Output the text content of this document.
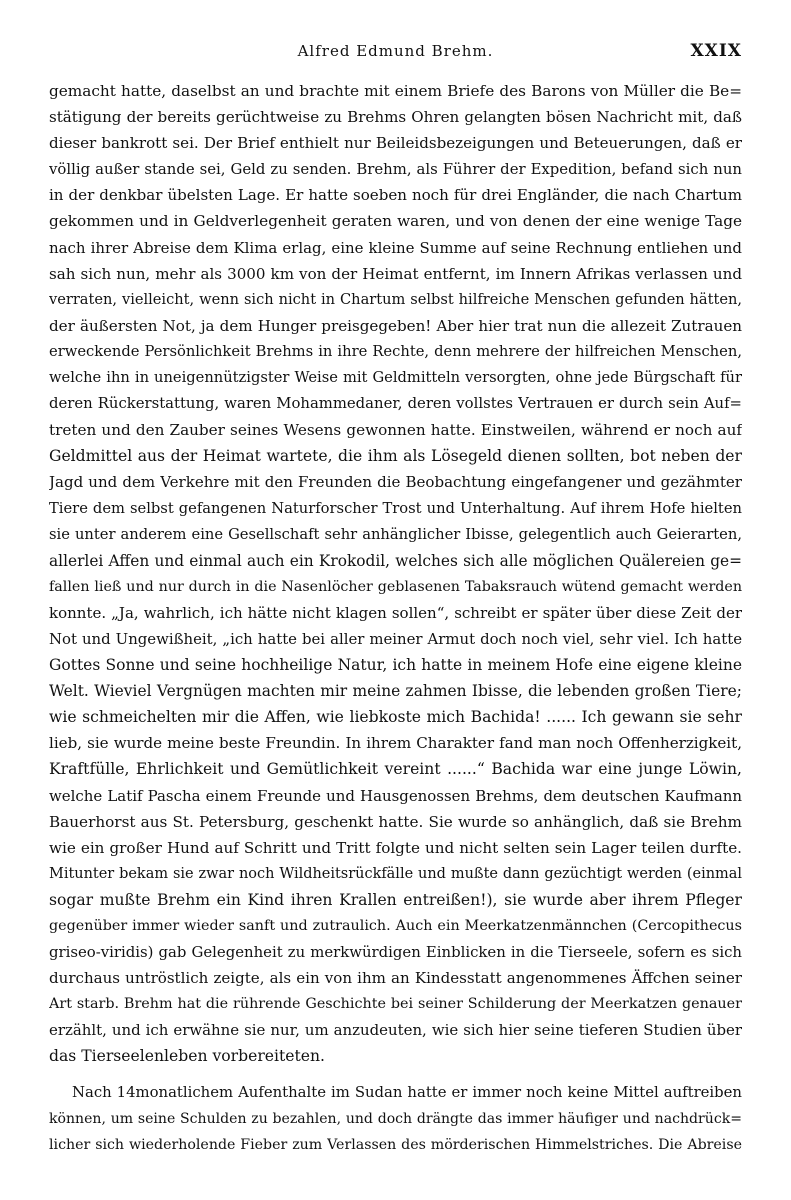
Alfred Edmund Brehm.	XXIX
gemacht hatte, daselbst an und brachte mit einem Briefe des Barons von Müller die Be=
stätigung der bereits gerüchtweise zu Brehms Ohren gelangten bösen Nachricht mit, daß
dieser bankrott sei. Der Brief enthielt nur Beileidsbezeigungen und Beteuerungen, daß er
völlig außer stande sei, Geld zu senden. Brehm, als Führer der Expedition, befand sich nun
in der denkbar übelsten Lage. Er hatte soeben noch für drei Engländer, die nach Chartum
gekommen und in Geldverlegenheit geraten waren, und von denen der eine wenige Tage
nach ihrer Abreise dem Klima erlag, eine kleine Summe auf seine Rechnung entliehen und
sah sich nun, mehr als 3000 km von der Heimat entfernt, im Innern Afrikas verlassen und
verraten, vielleicht, wenn sich nicht in Chartum selbst hilfreiche Menschen gefunden hätten,
der äußersten Not, ja dem Hunger preisgegeben! Aber hier trat nun die allezeit Zutrauen
erweckende Persönlichkeit Brehms in ihre Rechte, denn mehrere der hilfreichen Menschen,
welche ihn in uneigennützigster Weise mit Geldmitteln versorgten, ohne jede Bürgschaft für
deren Rückerstattung, waren Mohammedaner, deren vollstes Vertrauen er durch sein Auf=
treten und den Zauber seines Wesens gewonnen hatte. Einstweilen, während er noch auf
Geldmittel aus der Heimat wartete, die ihm als Lösegeld dienen sollten, bot neben der
Jagd und dem Verkehre mit den Freunden die Beobachtung eingefangener und gezähmter
Tiere dem selbst gefangenen Naturforscher Trost und Unterhaltung. Auf ihrem Hofe hielten
sie unter anderem eine Gesellschaft sehr anhänglicher Ibisse, gelegentlich auch Geierarten,
allerlei Affen und einmal auch ein Krokodil, welches sich alle möglichen Quälereien ge=
fallen ließ und nur durch in die Nasenlöcher geblasenen Tabaksrauch wütend gemacht werden
konnte. „Ja, wahrlich, ich hätte nicht klagen sollen“, schreibt er später über diese Zeit der
Not und Ungewißheit, „ich hatte bei aller meiner Armut doch noch viel, sehr viel. Ich hatte
Gottes Sonne und seine hochheilige Natur, ich hatte in meinem Hofe eine eigene kleine
Welt. Wieviel Vergnügen machten mir meine zahmen Ibisse, die lebenden großen Tiere;
wie schmeichelten mir die Affen, wie liebkoste mich Bachida! ...... Ich gewann sie sehr
lieb, sie wurde meine beste Freundin. In ihrem Charakter fand man noch Offenherzigkeit,
Kraftfülle, Ehrlichkeit und Gemütlichkeit vereint ......“ Bachida war eine junge Löwin,
welche Latif Pascha einem Freunde und Hausgenossen Brehms, dem deutschen Kaufmann
Bauerhorst aus St. Petersburg, geschenkt hatte. Sie wurde so anhänglich, daß sie Brehm
wie ein großer Hund auf Schritt und Tritt folgte und nicht selten sein Lager teilen durfte.
Mitunter bekam sie zwar noch Wildheitsrückfälle und mußte dann gezüchtigt werden (einmal
sogar mußte Brehm ein Kind ihren Krallen entreißen!), sie wurde aber ihrem Pfleger
gegenüber immer wieder sanft und zutraulich. Auch ein Meerkatzenmännchen (Cercopithecus
griseo-viridis) gab Gelegenheit zu merkwürdigen Einblicken in die Tierseele, sofern es sich
durchaus untröstlich zeigte, als ein von ihm an Kindesstatt angenommenes Äffchen seiner
Art starb. Brehm hat die rührende Geschichte bei seiner Schilderung der Meerkatzen genauer
erzählt, und ich erwähne sie nur, um anzudeuten, wie sich hier seine tieferen Studien über
das Tierseelenleben vorbereiteten.
Nach 14monatlichem Aufenthalte im Sudan hatte er immer noch keine Mittel auftreiben
können, um seine Schulden zu bezahlen, und doch drängte das immer häufiger und nachdrück=
licher sich wiederholende Fieber zum Verlassen des mörderischen Himmelstriches. Die Abreise
